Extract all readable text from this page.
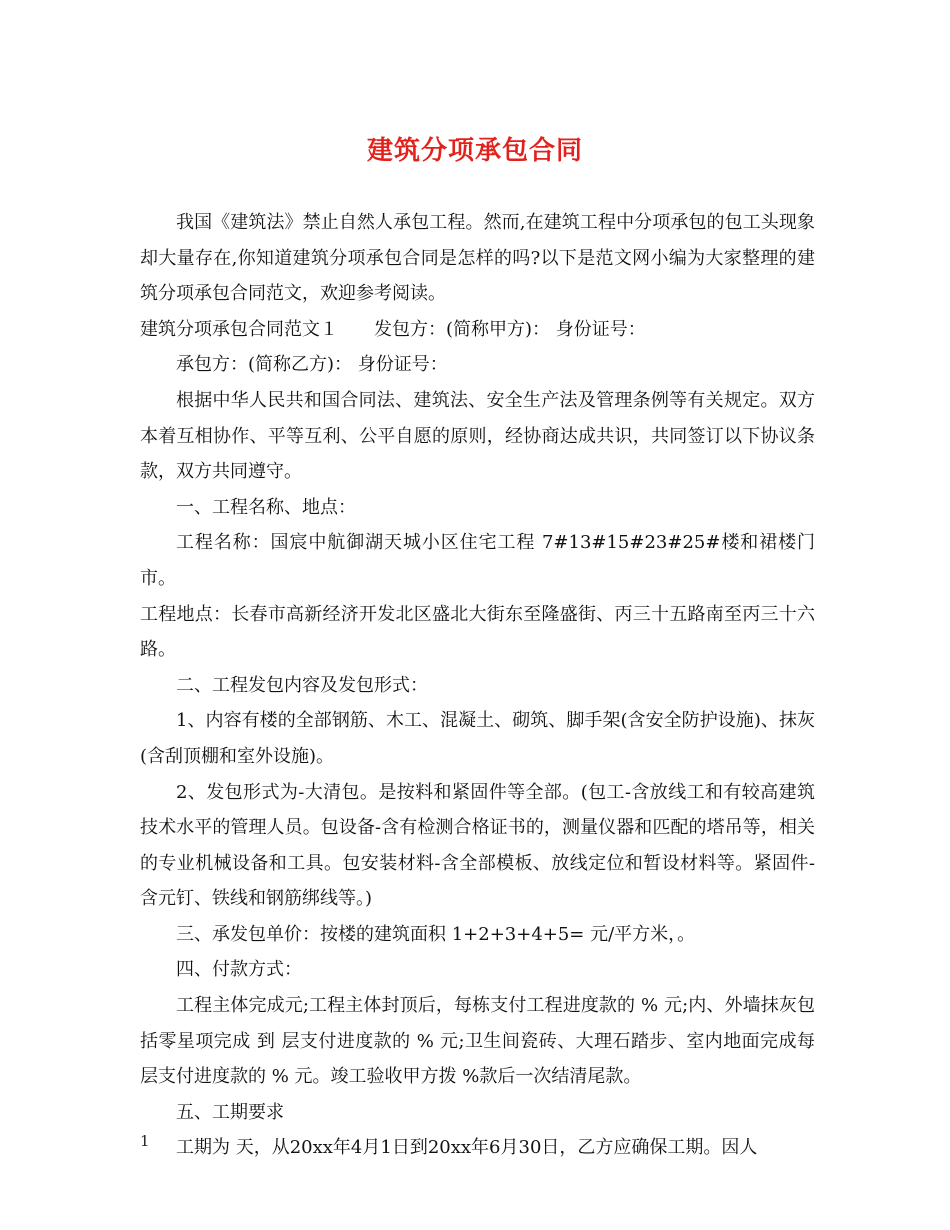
建筑分项承包合同

我国《建筑法》禁止自然人承包工程。然而,在建筑工程中分项承包的包工头现象却大量存在,你知道建筑分项承包合同是怎样的吗?以下是范文网小编为大家整理的建筑分项承包合同范文，欢迎参考阅读。

建筑分项承包合同范文１ 发包方：(简称甲方)： 身份证号：

承包方：(简称乙方)： 身份证号：

根据中华人民共和国合同法、建筑法、安全生产法及管理条例等有关规定。双方本着互相协作、平等互利、公平自愿的原则，经协商达成共识，共同签订以下协议条款，双方共同遵守。

一、工程名称、地点：

工程名称：国宸中航御湖天城小区住宅工程 7#13#15#23#25#楼和裙楼门市。

工程地点：长春市高新经济开发北区盛北大街东至隆盛街、丙三十五路南至丙三十六路。

二、工程发包内容及发包形式：

1、内容有楼的全部钢筋、木工、混凝土、砌筑、脚手架(含安全防护设施)、抹灰(含刮顶棚和室外设施)。

2、发包形式为-大清包。是按料和紧固件等全部。(包工-含放线工和有较高建筑技术水平的管理人员。包设备-含有检测合格证书的，测量仪器和匹配的塔吊等，相关的专业机械设备和工具。包安装材料-含全部模板、放线定位和暂设材料等。紧固件-含元钉、铁线和钢筋绑线等。)

三、承发包单价：按楼的建筑面积 1+2+3+4+5= 元/平方米，。

四、付款方式：

工程主体完成元;工程主体封顶后，每栋支付工程进度款的 % 元;内、外墙抹灰包括零星项完成 到 层支付进度款的 % 元;卫生间瓷砖、大理石踏步、室内地面完成每层支付进度款的 % 元。竣工验收甲方拨 %款后一次结清尾款。

五、工期要求

工期为 天，从20xx年4月1日到20xx年6月30日，乙方应确保工期。因人

1
